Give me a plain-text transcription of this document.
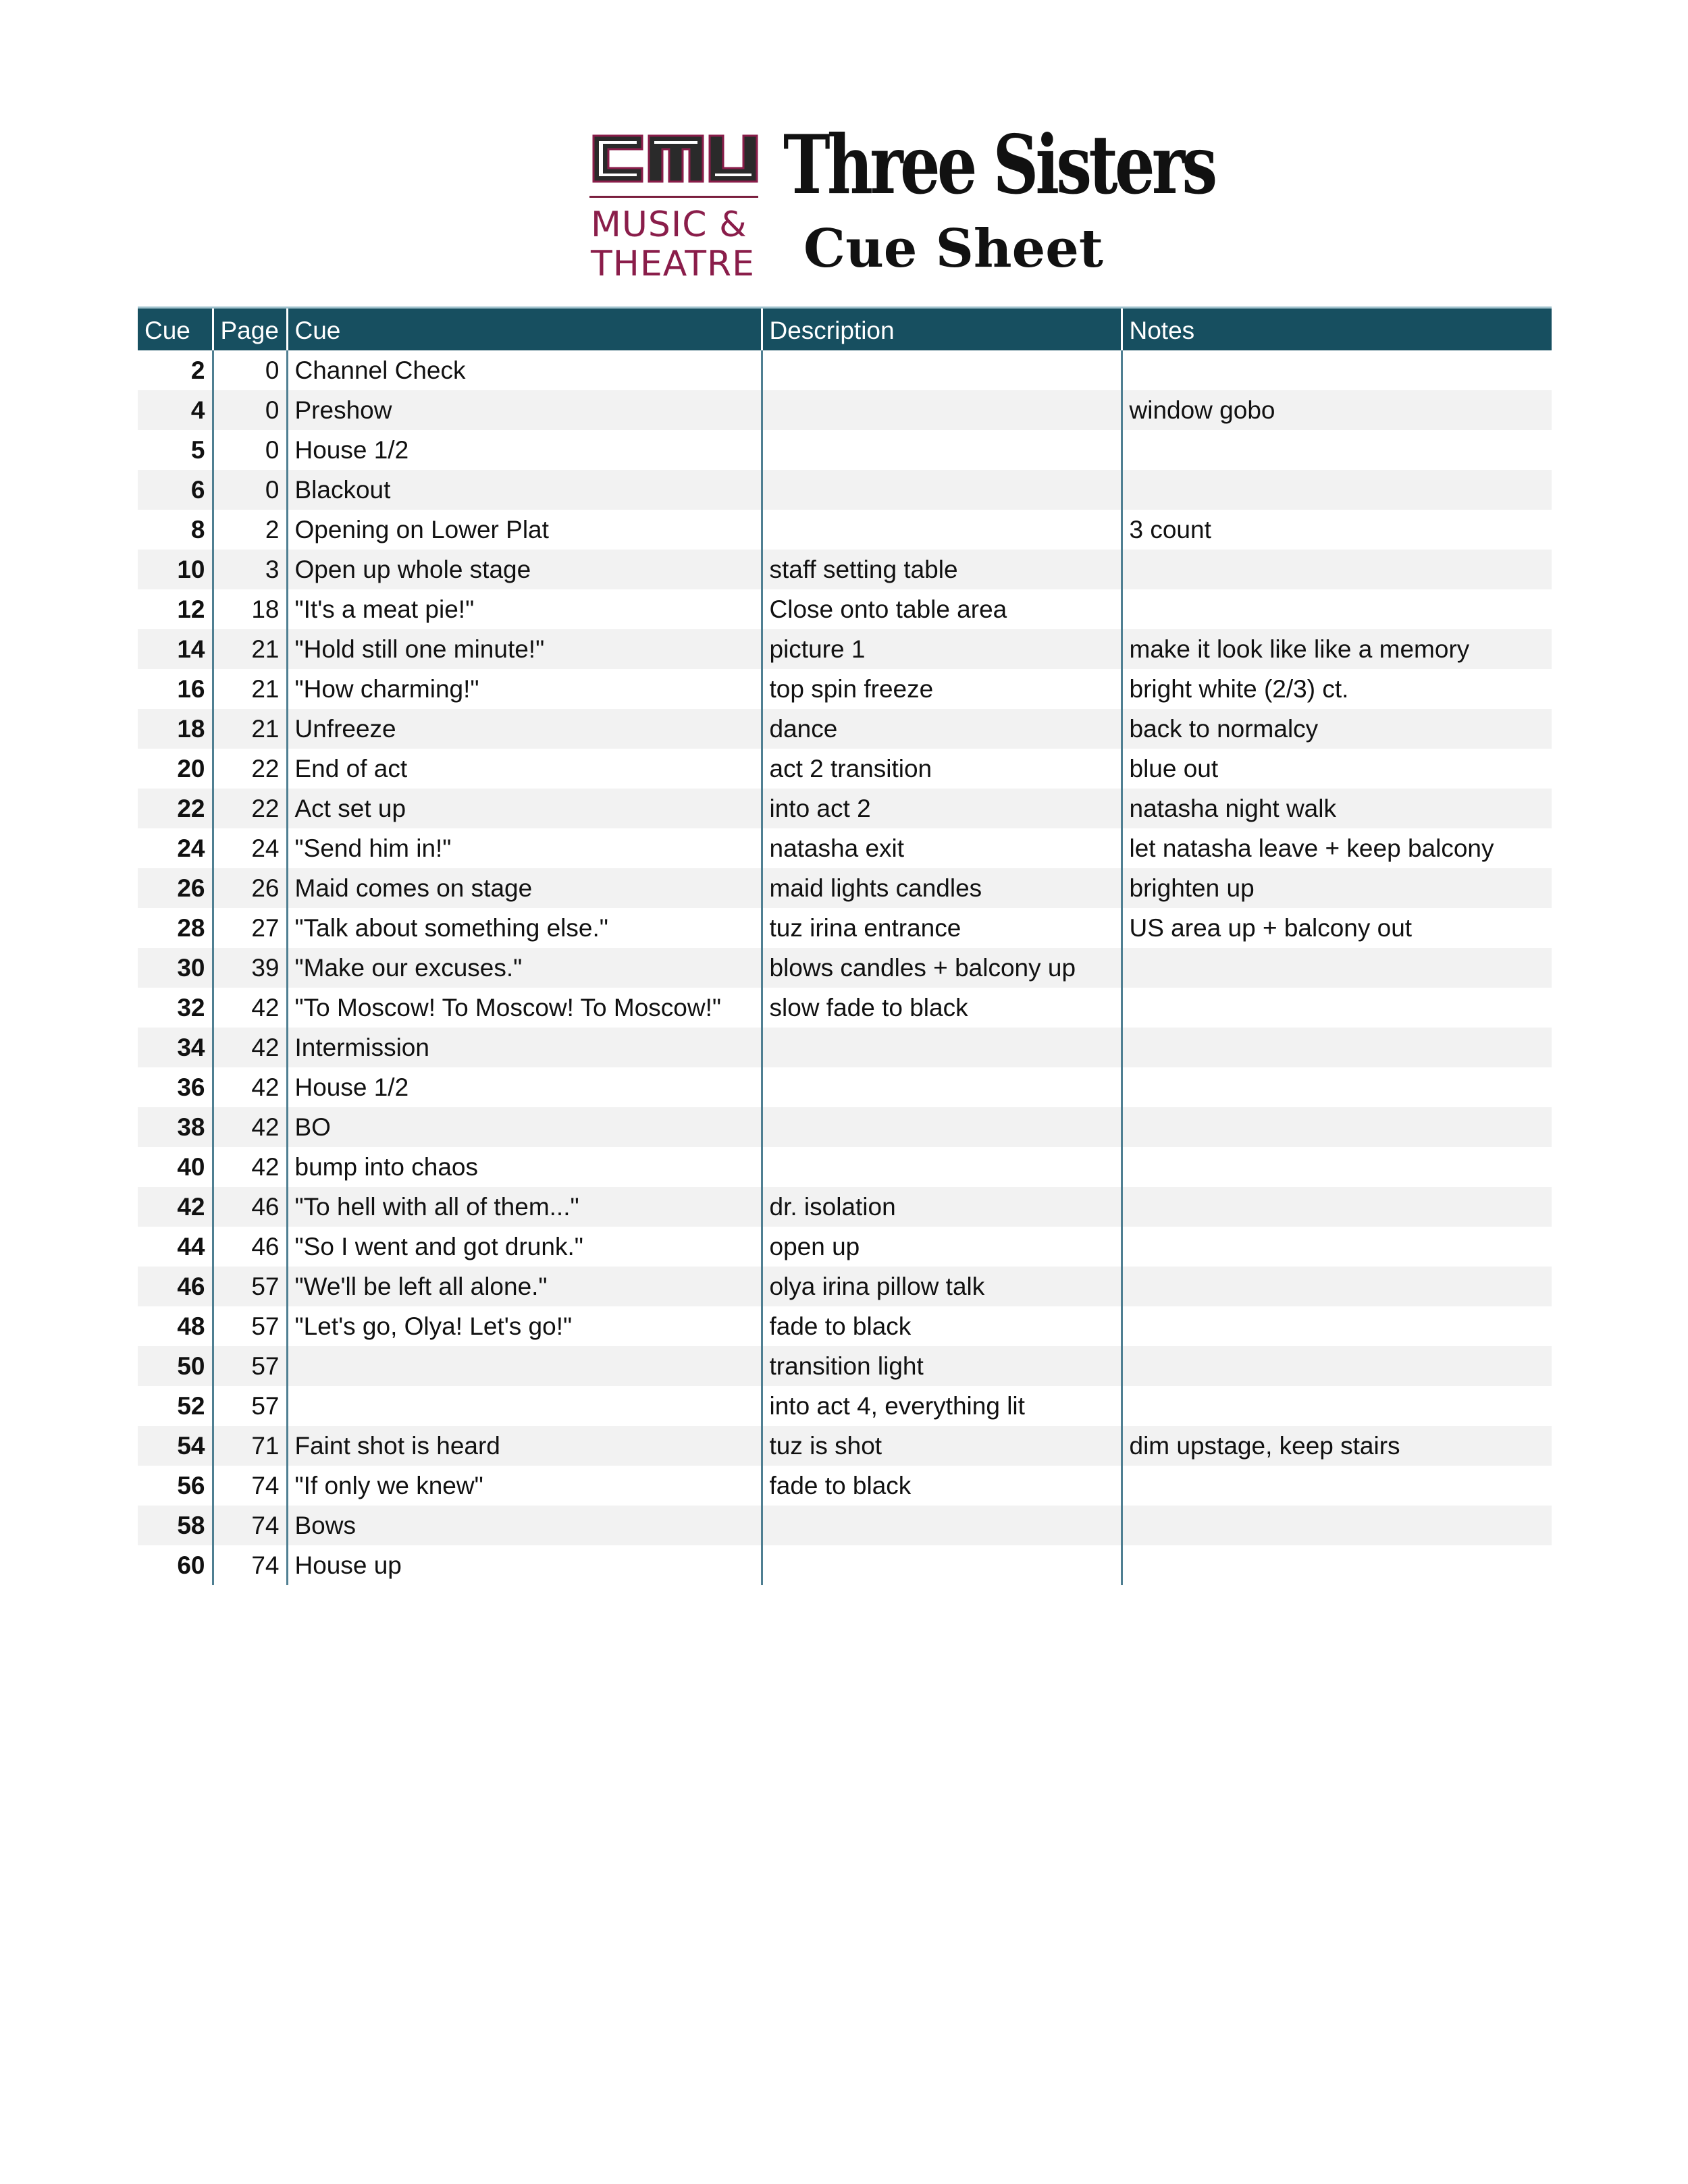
MUSIC &
THEATRE
Three Sisters
Cue Sheet
Cue	Page	Cue	Description	Notes
2	0	Channel Check		
4	0	Preshow		window gobo
5	0	House 1/2		
6	0	Blackout		
8	2	Opening on Lower Plat		3 count
10	3	Open up whole stage	staff setting table	
12	18	"It's a meat pie!"	Close onto table area	
14	21	"Hold still one minute!"	picture 1	make it look like like a memory
16	21	"How charming!"	top spin freeze	bright white (2/3) ct.
18	21	Unfreeze	dance	back to normalcy
20	22	End of act	act 2 transition	blue out
22	22	Act set up	into act 2	natasha night walk
24	24	"Send him in!"	natasha exit	let natasha leave + keep balcony
26	26	Maid comes on stage	maid lights candles	brighten up
28	27	"Talk about something else."	tuz irina entrance	US area up + balcony out
30	39	"Make our excuses."	blows candles + balcony up	
32	42	"To Moscow! To Moscow! To Moscow!"	slow fade to black	
34	42	Intermission		
36	42	House 1/2		
38	42	BO		
40	42	bump into chaos		
42	46	"To hell with all of them..."	dr. isolation	
44	46	"So I went and got drunk."	open up	
46	57	"We'll be left all alone."	olya irina pillow talk	
48	57	"Let's go, Olya! Let's go!"	fade to black	
50	57		transition light	
52	57		into act 4, everything lit	
54	71	Faint shot is heard	tuz is shot	dim upstage, keep stairs
56	74	"If only we knew"	fade to black	
58	74	Bows		
60	74	House up		
